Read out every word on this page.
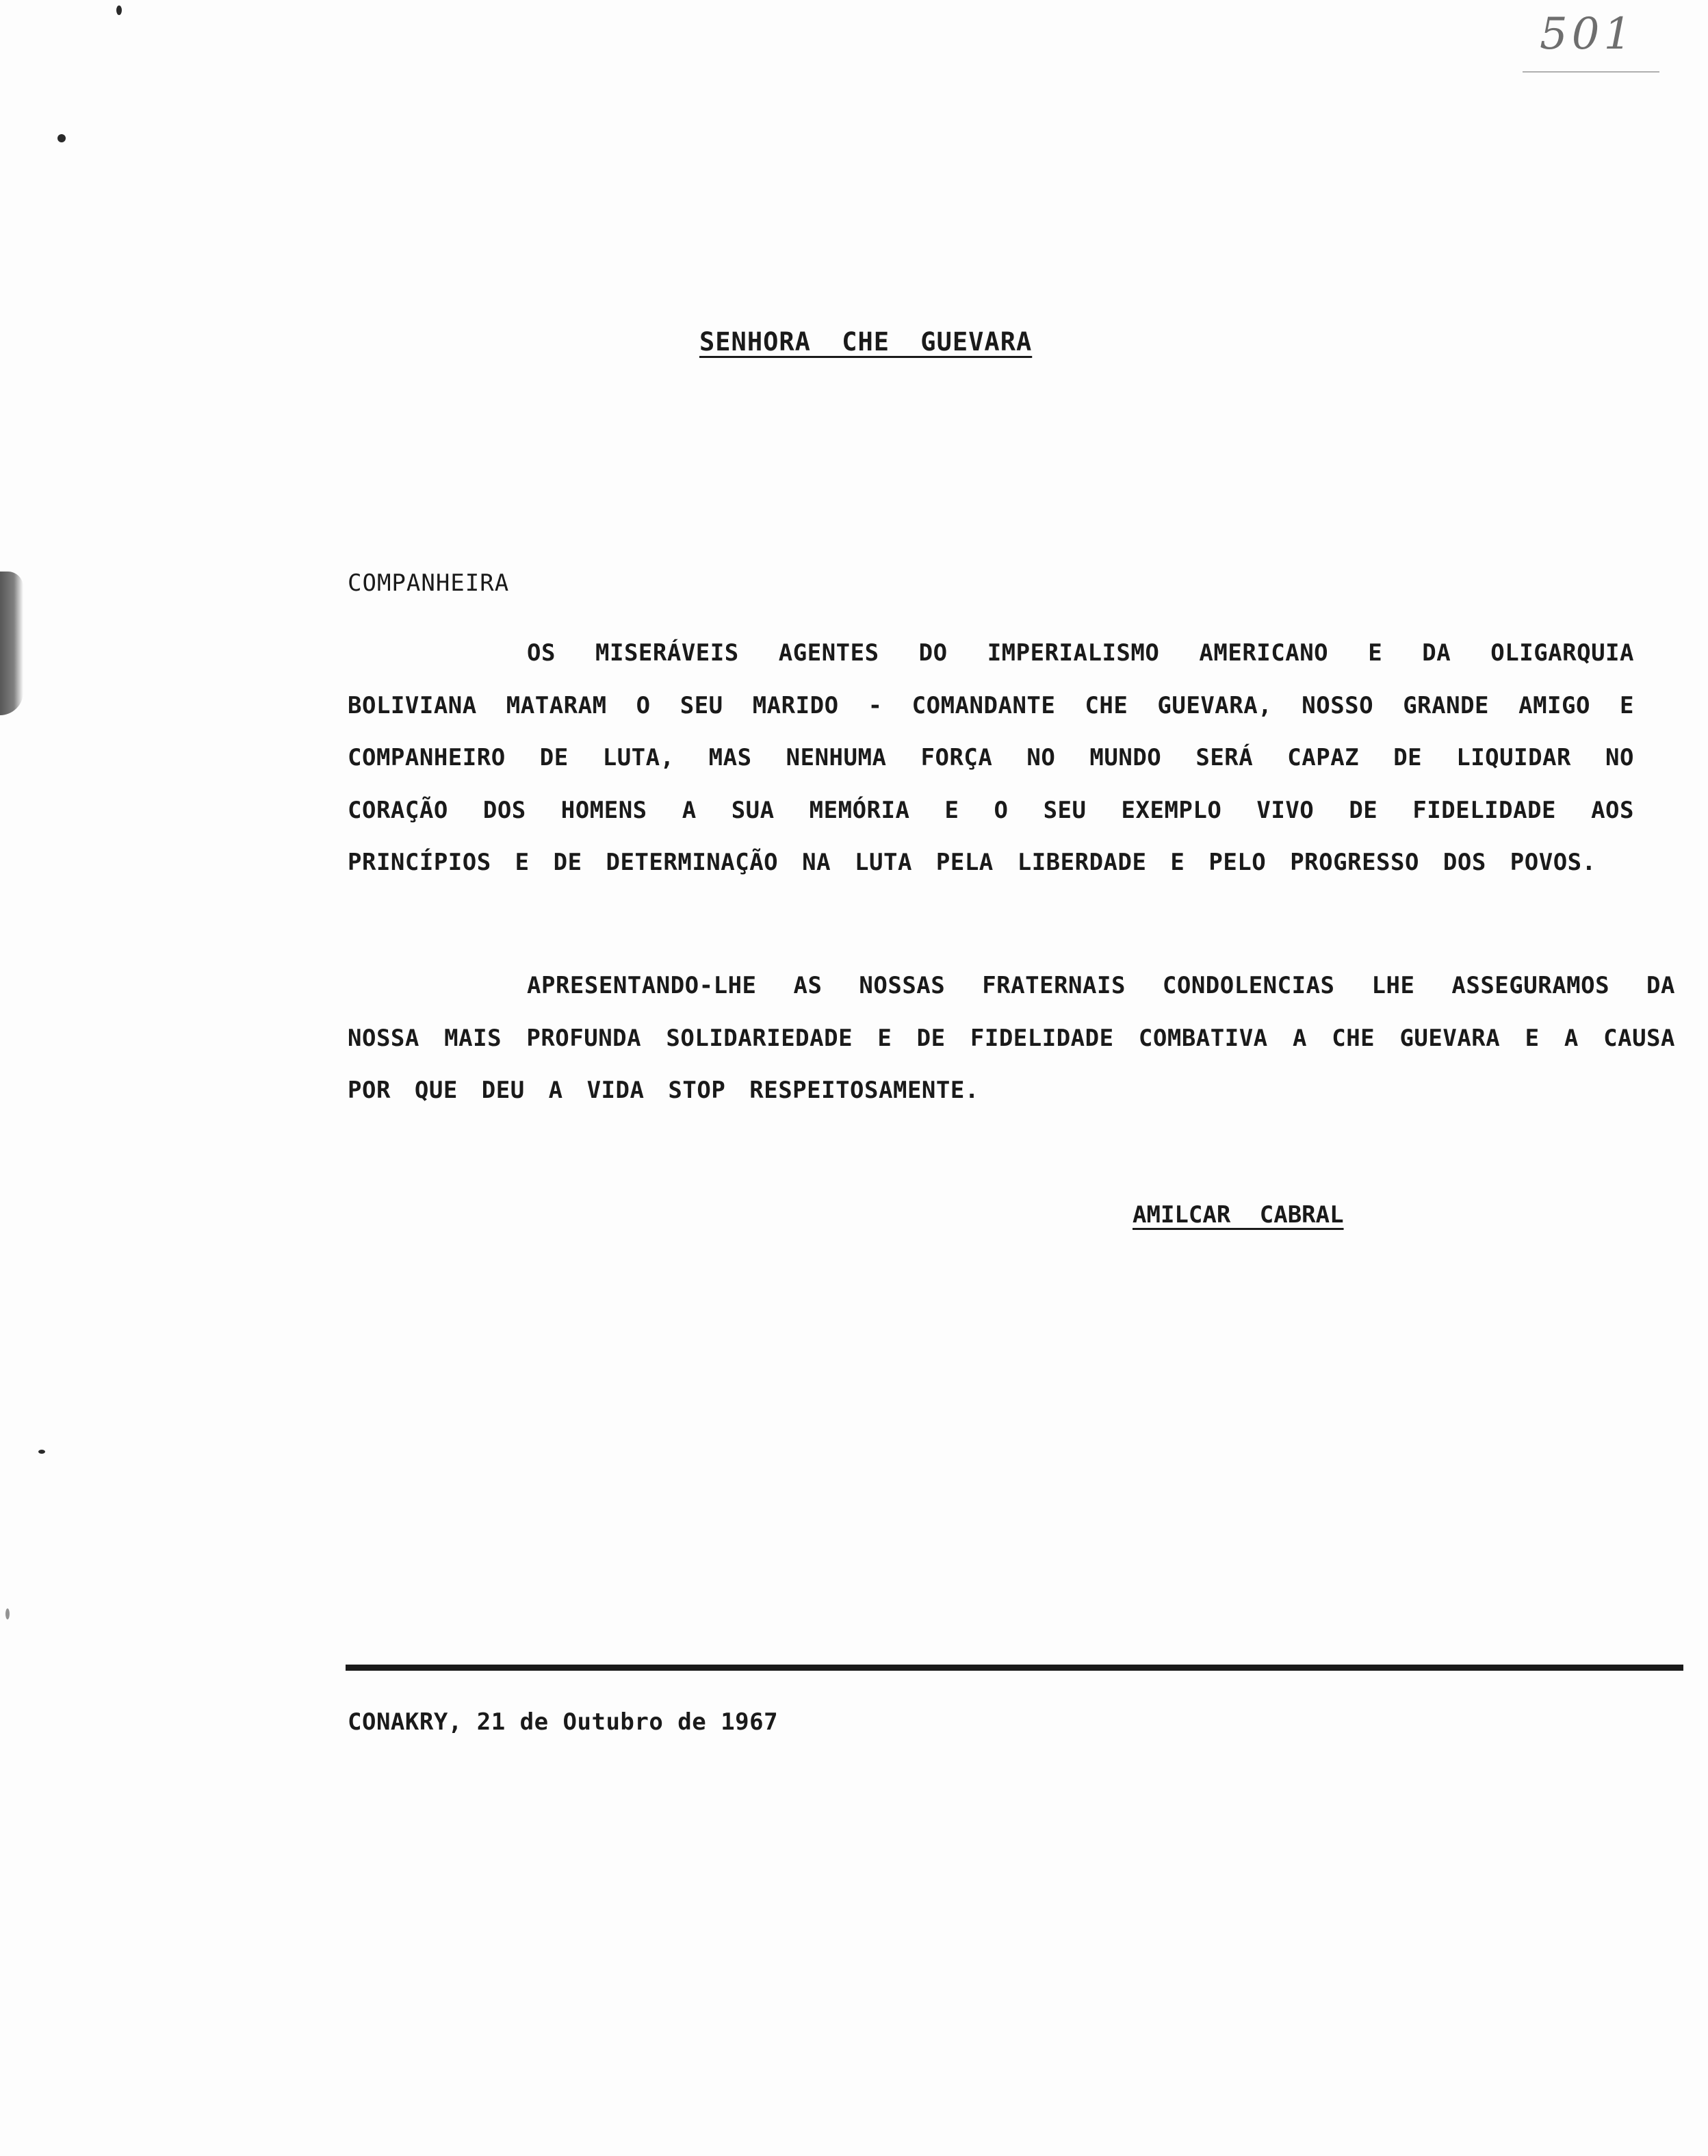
501
SENHORA CHE GUEVARA
COMPANHEIRA

OS MISERÁVEIS AGENTES DO IMPERIALISMO AMERICANO E DA OLIGARQUIA BOLIVIANA MATARAM O SEU MARIDO - COMANDANTE CHE GUEVARA, NOSSO GRANDE AMIGO E COMPANHEIRO DE LUTA, MAS NENHUMA FORÇA NO MUNDO SERÁ CAPAZ DE LIQUIDAR NO CORAÇÃO DOS HOMENS A SUA MEMÓRIA E O SEU EXEMPLO VIVO DE FIDELIDADE AOS PRINCÍPIOS E DE DETERMINAÇÃO NA LUTA PELA LIBERDADE E PELO PROGRESSO DOS POVOS.

APRESENTANDO-LHE AS NOSSAS FRATERNAIS CONDOLENCIAS LHE ASSEGURAMOS DA NOSSA MAIS PROFUNDA SOLIDARIEDADE E DE FIDELIDADE COMBATIVA A CHE GUEVARA E A CAUSA POR QUE DEU A VIDA STOP RESPEITOSAMENTE.

AMILCAR CABRAL
CONAKRY, 21 de Outubro de 1967
